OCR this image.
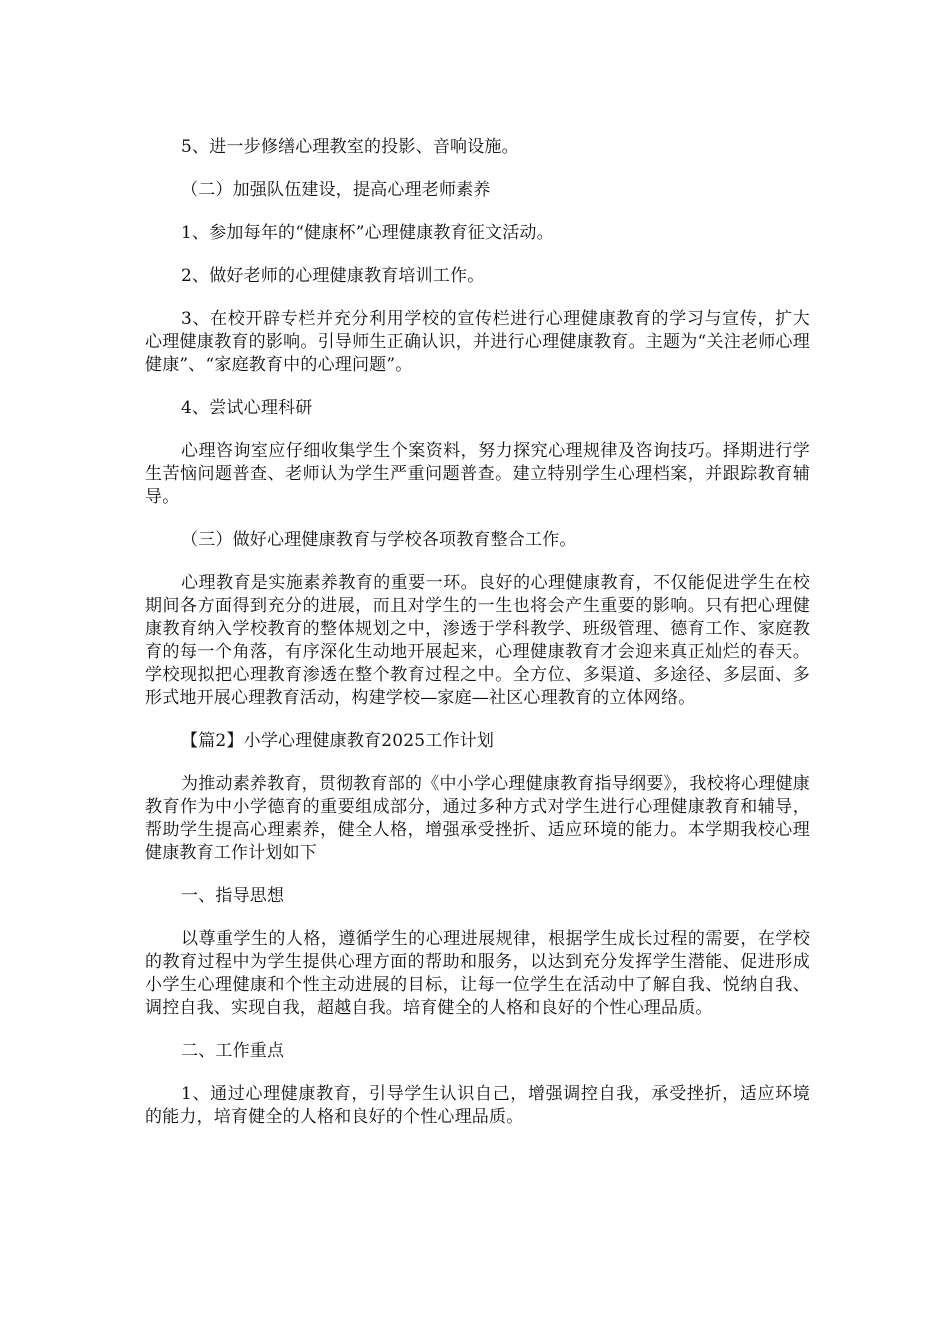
5、进一步修缮心理教室的投影、音响设施。

（二）加强队伍建设，提高心理老师素养

1、参加每年的“健康杯”心理健康教育征文活动。

2、做好老师的心理健康教育培训工作。

3、在校开辟专栏并充分利用学校的宣传栏进行心理健康教育的学习与宣传，扩大心理健康教育的影响。引导师生正确认识，并进行心理健康教育。主题为“关注老师心理健康”、“家庭教育中的心理问题”。

4、尝试心理科研

心理咨询室应仔细收集学生个案资料，努力探究心理规律及咨询技巧。择期进行学生苦恼问题普查、老师认为学生严重问题普查。建立特别学生心理档案，并跟踪教育辅导。

（三）做好心理健康教育与学校各项教育整合工作。

心理教育是实施素养教育的重要一环。良好的心理健康教育，不仅能促进学生在校期间各方面得到充分的进展，而且对学生的一生也将会产生重要的影响。只有把心理健康教育纳入学校教育的整体规划之中，渗透于学科教学、班级管理、德育工作、家庭教育的每一个角落，有序深化生动地开展起来，心理健康教育才会迎来真正灿烂的春天。学校现拟把心理教育渗透在整个教育过程之中。全方位、多渠道、多途径、多层面、多形式地开展心理教育活动，构建学校—家庭—社区心理教育的立体网络。

【篇2】小学心理健康教育2025工作计划

为推动素养教育，贯彻教育部的《中小学心理健康教育指导纲要》，我校将心理健康教育作为中小学德育的重要组成部分，通过多种方式对学生进行心理健康教育和辅导，帮助学生提高心理素养，健全人格，增强承受挫折、适应环境的能力。本学期我校心理健康教育工作计划如下

一、指导思想

以尊重学生的人格，遵循学生的心理进展规律，根据学生成长过程的需要，在学校的教育过程中为学生提供心理方面的帮助和服务，以达到充分发挥学生潜能、促进形成小学生心理健康和个性主动进展的目标，让每一位学生在活动中了解自我、悦纳自我、调控自我、实现自我，超越自我。培育健全的人格和良好的个性心理品质。

二、工作重点

1、通过心理健康教育，引导学生认识自己，增强调控自我，承受挫折，适应环境的能力，培育健全的人格和良好的个性心理品质。
